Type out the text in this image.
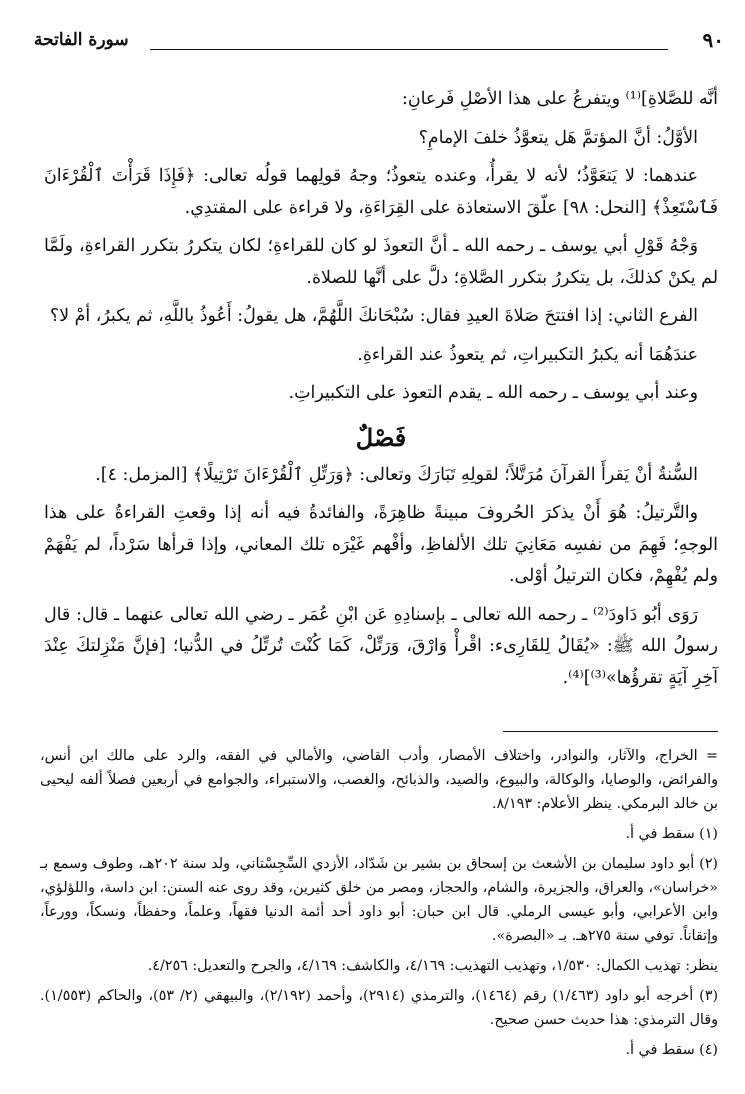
٩٠
سورة الفاتحة

أنَّه للصَّلاةِ]⁽¹⁾ ويتفرعُ على هذا الأصْلِ فَرعانِ:

الأوَّلُ: أنَّ المؤتمَّ هَل يتعوَّذُ خلفَ الإمامِ؟

عندهما: لا يَتعَوَّذُ؛ لأنه لا يقرأُ، وعنده يتعوذُ؛ وجهُ قولِهما قولُه تعالى: ﴿فَإِذَا قَرَأْتَ ٱلْقُرْءَانَ فَٱسْتَعِذْ﴾ [النحل: ٩٨] علّقَ الاستعاذة على القِرَاءَةِ، ولا قراءة على المقتدِي.

وَجْهُ قَوْلِ أبي يوسف ـ رحمه الله ـ أنَّ التعوذَ لو كان للقراءةِ؛ لكان يتكررُ بتكرر القراءةِ، ولَمَّا لم يكنْ كذلكَ، بل يتكررُ بتكرر الصَّلاةِ؛ دلَّ على أنَّها للصلاة.

الفرع الثاني: إذا افتتحَ صَلاةَ العيدِ فقال: سُبْحَانكَ اللَّهُمَّ، هل يقولُ: أَعُوذُ باللَّهِ، ثم يكبرُ، أمْ لا؟

عندَهُمَا أنه يكبرُ التكبيراتِ، ثم يتعوذُ عند القراءةِ.

وعند أبي يوسف ـ رحمه الله ـ يقدم التعوذ على التكبيراتِ.

فَصْلٌ

السُّنةُ أنْ يَقرأَ القرآنَ مُرَتَّلاً؛ لقولِهِ تَبَارَكَ وتعالى: ﴿وَرَتِّلِ ٱلْقُرْءَانَ تَرْتِيلًا﴾ [المزمل: ٤].

والتَّرتيلُ: هُوَ أَنْ يذكرَ الحُروفَ مبينةً ظاهِرَةً، والفائدةُ فيه أنه إذا وقعتِ القراءةُ على هذا الوجهِ؛ فَهِمَ من نفسِه مَعَانِيَ تلك الألفاظِ، وأفْهم غَيْرَه تلك المعاني، وإذا قرأها سَرْداً، لم يَفْهَمْ ولم يُفْهِمْ، فكان الترتيلُ أوْلى.

رَوَى أبُو دَاودَ⁽²⁾ ـ رحمه الله تعالى ـ بإسنادِهِ عَن ابْنِ عُمَر ـ رضي الله تعالى عنهما ـ قال: قال رسولُ الله ﷺ: «يُقَالُ لِلقَارِىء: اقْرأْ وَارْقَ، وَرَتِّلْ، كَمَا كُنْتَ تُرتِّلُ في الدُّنيا؛ [فإنَّ مَنْزِلتكَ عِنْدَ آخِرِ آيَةٍ تقرؤُها»⁽³⁾]⁽⁴⁾.

= الخراج، والآثار، والنوادر، واختلاف الأمصار، وأدب القاضي، والأمالي في الفقه، والرد على مالك ابن أنس، والفرائض، والوصايا، والوكالة، والبيوع، والصيد، والذبائح، والغصب، والاستبراء، والجوامع في أربعين فصلاً ألفه ليحيى بن خالد البرمكي. ينظر الأعلام: ٨/١٩٣.

(١) سقط في أ.

(٢) أبو داود سليمان بن الأشعث بن إسحاق بن بشير بن شَدّاد، الأزدي السِّجِسْتاني، ولد سنة ٢٠٢هـ، وطوف وسمع بـ «خراسان»، والعراق، والجزيرة، والشام، والحجاز، ومصر من خلق كثيرين، وقد روى عنه السنن: ابن داسة، واللؤلؤي، وابن الأعرابي، وأبو عيسى الرملي. قال ابن حبان: أبو داود أحد أئمة الدنيا فقهاً، وعلماً، وحفظاً، ونسكاً، وورعاً، وإتقاناً. توفي سنة ٢٧٥هـ. بـ «البصرة».

ينظر: تهذيب الكمال: ١/٥٣٠، وتهذيب التهذيب: ٤/١٦٩، والكاشف: ٤/١٦٩، والجرح والتعديل: ٤/٢٥٦.

(٣) أخرجه أبو داود (١/٤٦٣) رقم (١٤٦٤)، والترمذي (٢٩١٤)، وأحمد (٢/١٩٢)، والبيهقي (٢/ ٥٣)، والحاكم (١/٥٥٣). وقال الترمذي: هذا حديث حسن صحيح.

(٤) سقط في أ.
